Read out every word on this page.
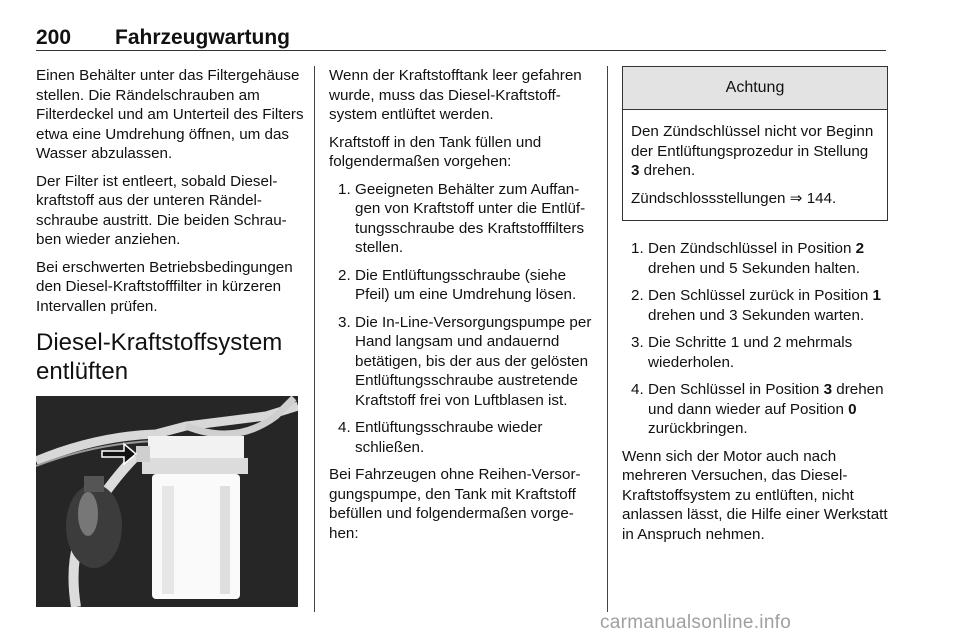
200 Fahrzeugwartung

Einen Behälter unter das Filtergehäuse stellen. Die Rändelschrauben am Filterdeckel und am Unterteil des Filters etwa eine Umdrehung öffnen, um das Wasser abzulassen.

Der Filter ist entleert, sobald Dieselkraftstoff aus der unteren Rändelschraube austritt. Die beiden Schrauben wieder anziehen.

Bei erschwerten Betriebsbedingungen den Diesel-Kraftstofffilter in kürzeren Intervallen prüfen.

Diesel-Kraftstoffsystem entlüften

Wenn der Kraftstofftank leer gefahren wurde, muss das Diesel-Kraftstoffsystem entlüftet werden.

Kraftstoff in den Tank füllen und folgendermaßen vorgehen:

1. Geeigneten Behälter zum Auffangen von Kraftstoff unter die Entlüftungsschraube des Kraftstofffilters stellen.
2. Die Entlüftungsschraube (siehe Pfeil) um eine Umdrehung lösen.
3. Die In-Line-Versorgungspumpe per Hand langsam und andauernd betätigen, bis der aus der gelösten Entlüftungsschraube austretende Kraftstoff frei von Luftblasen ist.
4. Entlüftungsschraube wieder schließen.

Bei Fahrzeugen ohne Reihen-Versorgungspumpe, den Tank mit Kraftstoff befüllen und folgendermaßen vorgehen:

Achtung

Den Zündschlüssel nicht vor Beginn der Entlüftungsprozedur in Stellung 3 drehen.

Zündschlossstellungen ⇒ 144.

1. Den Zündschlüssel in Position 2 drehen und 5 Sekunden halten.
2. Den Schlüssel zurück in Position 1 drehen und 3 Sekunden warten.
3. Die Schritte 1 und 2 mehrmals wiederholen.
4. Den Schlüssel in Position 3 drehen und dann wieder auf Position 0 zurückbringen.

Wenn sich der Motor auch nach mehreren Versuchen, das Diesel-Kraftstoffsystem zu entlüften, nicht anlassen lässt, die Hilfe einer Werkstatt in Anspruch nehmen.

carmanualsonline.info
